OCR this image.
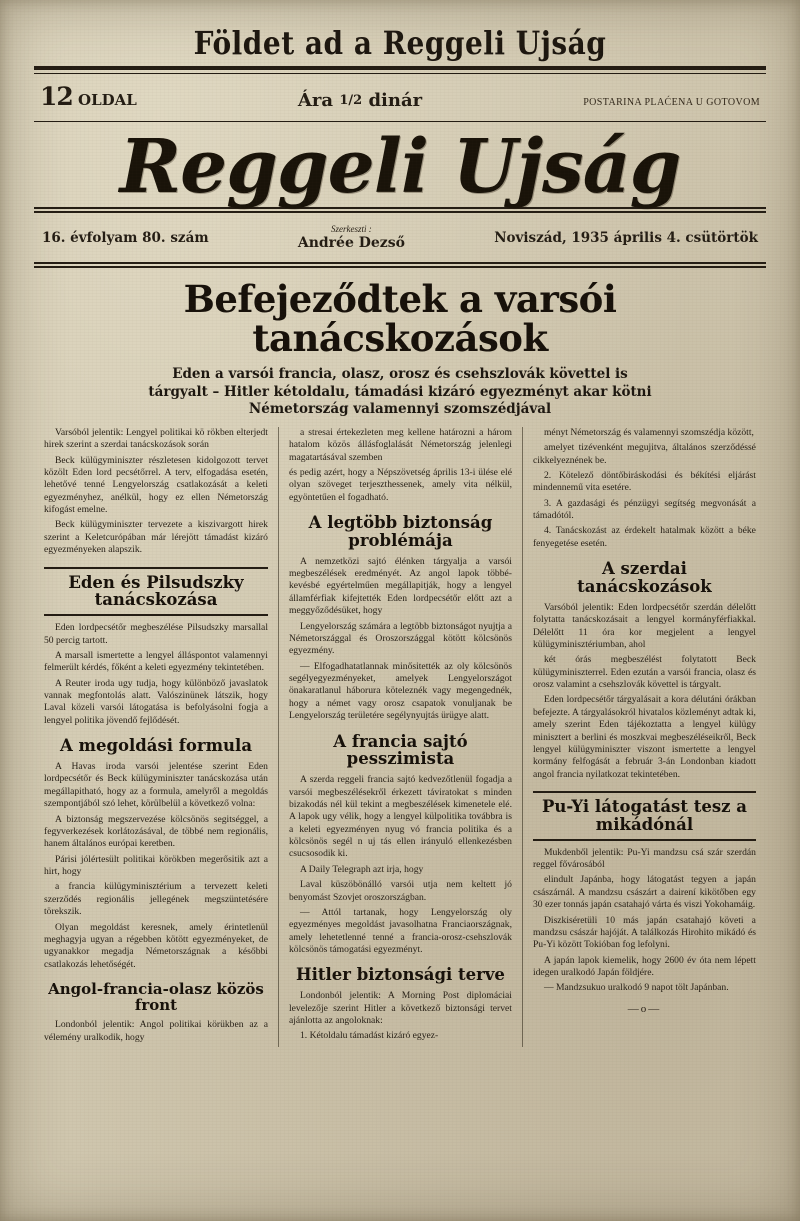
Földet ad a Reggeli Ujság
12 OLDAL	Ára 1/2 dinár	POSTARINA PLAĆENA U GOTOVOM
Reggeli Ujság
16. évfolyam 80. szám
Szerkeszti :
Andrée Dezső	Noviszád, 1935 április 4. csütörtök
Befejeződtek a varsói
tanácskozások
Eden a varsói francia, olasz, orosz és csehszlovák követtel is
tárgyalt – Hitler kétoldalu, támadási kizáró egyezményt akar kötni
Németország valamennyi szomszédjával

Varsóból jelentik: Lengyel politikai kö rökben elterjedt hirek szerint a szerdai tanácskozások során

Beck külügyminiszter részletesen kidolgozott tervet közölt Eden lord pecsétőrrel. A terv, elfogadása esetén, lehetővé tenné Lengyelország csatlakozását a keleti egyezményhez, anélkül, hogy ez ellen Németország kifogást emelne.

Beck külügyminiszter tervezete a kiszivargott hirek szerint a Keletcurópában már lérejött támadást kizáró egyezményeken alapszik.

Eden és Pilsudszky tanácskozása

Eden lordpecsétőr megbeszélése Pilsudszky marsallal 50 percig tartott.

A marsall ismertette a lengyel álláspontot valamennyi felmerült kérdés, főként a keleti egyezmény tekintetében.

A Reuter iroda ugy tudja, hogy különböző javaslatok vannak megfontolás alatt. Valószinünek látszik, hogy Laval közeli varsói látogatása is befolyásolni fogja a lengyel politika jövendő fejlődését.

A megoldási formula

A Havas iroda varsói jelentése szerint Eden lordpecsétőr és Beck külügyminiszter tanácskozása után megállapitható, hogy az a formula, amelyről a megoldás szempontjából szó lehet, körülbelül a következő volna:

A biztonság megszervezése kölcsönös segitséggel, a fegyverkezések korlátozásával, de többé nem regionális, hanem általános európai keretben.

Párisi jólértesült politikai körökben megerősitik azt a hirt, hogy

a francia külügyminisztérium a tervezett keleti szerződés regionális jellegének megszüntetésére törekszik.

Olyan megoldást keresnek, amely érintetlenül meghagyja ugyan a régebben kötött egyezményeket, de ugyanakkor megadja Németországnak a későbbi csatlakozás lehetőségét.

Angol-francia-olasz közös front

Londonból jelentik: Angol politikai körükben az a vélemény uralkodik, hogy

a stresai értekezleten meg kellene határozni a három hatalom közös állásfoglalását Németország jelenlegi magatartásával szemben

és pedig azért, hogy a Népszövetség április 13-i ülése elé olyan szöveget terjeszthessenek, amely vita nélkül, egyöntetűen el fogadható.

A legtöbb biztonság problémája

A nemzetközi sajtó élénken tárgyalja a varsói megbeszélések eredményét. Az angol lapok többé-kevésbé egyértelműen megállapitják, hogy a lengyel államférfiak kifejtették Eden lordpecsétőr előtt azt a meggyőződésüket, hogy

Lengyelország számára a legtöbb biztonságot nyujtja a Németországgal és Oroszországgal kötött kölcsönös egyezmény.

— Elfogadhatatlannak minősitették az oly kölcsönös segélyegyezményeket, amelyek Lengyelországot önakaratlanul háborura köteleznék vagy megengednék, hogy a német vagy orosz csapatok vonuljanak be Lengyelország területére segélynyujtás ürügye alatt.

A francia sajtó pesszimista

A szerda reggeli francia sajtó kedvezőtlenül fogadja a varsói megbeszélésekről érkezett táviratokat s minden bizakodás nél kül tekint a megbeszélések kimenetele elé. A lapok ugy vélik, hogy a lengyel külpolitika továbbra is a keleti egyezményen nyug vó francia politika és a kölcsönös segél n uj tás ellen irányuló ellenkezésben csucsosodik ki.

A Daily Telegraph azt irja, hogy

Laval küszöbönálló varsói utja nem keltett jó benyomást Szovjet oroszországban.

— Attól tartanak, hogy Lengyelország oly egyezményes megoldást javasolhatna Franciaországnak, amely lehetetlenné tenné a francia-orosz-csehszlovák kölcsönös támogatási egyezményt.

Hitler biztonsági terve

Londonból jelentik: A Morning Post diplomáciai levelezője szerint Hitler a következő biztonsági tervet ajánlotta az angoloknak:

1. Kétoldalu támadást kizáró egyez-

ményt Németország és valamennyi szomszédja között,

amelyet tizévenként megujitva, általános szerződéssé cikkelyeznének be.

2. Kötelező döntőbiráskodási és békítési eljárást mindennemű vita esetére.

3. A gazdasági és pénzügyi segítség megvonását a támadótól.

4. Tanácskozást az érdekelt hatalmak között a béke fenyegetése esetén.

A szerdai tanácskozások

Varsóból jelentik: Eden lordpecsétőr szerdán délelőtt folytatta tanácskozásait a lengyel kormányférfiakkal. Délelőtt 11 óra kor megjelent a lengyel külügyminisztériumban, ahol

két órás megbeszélést folytatott Beck külügyminiszterrel. Eden ezután a varsói francia, olasz és orosz valamint a csehszlovák követtel is tárgyalt.

Eden lordpecsétőr tárgyalásait a kora délutáni órákban befejezte. A tárgyalásokról hivatalos közleményt adtak ki, amely szerint Eden tájékoztatta a lengyel külügy minisztert a berlini és moszkvai megbeszéléseikről, Beck lengyel külügyminiszter viszont ismertette a lengyel kormány felfogását a február 3-án Londonban kiadott angol francia nyilatkozat tekintetében.

Pu-Yi látogatást tesz a mikádónál

Mukdenből jelentik: Pu-Yi mandzsu csá szár szerdán reggel fővárosából

elindult Japánba, hogy látogatást tegyen a japán császárnál. A mandzsu császárt a dairení kikötőben egy 30 ezer tonnás japán csatahajó várta és viszi Yokohamáig.

Diszkiséretüli 10 más japán csatahajó követi a mandzsu császár hajóját. A találkozás Hirohito mikádó és Pu-Yi között Tokióban fog lefolyni.

A japán lapok kiemelik, hogy 2600 év óta nem lépett idegen uralkodó Japán földjére.

— Mandzsukuo uralkodó 9 napot tölt Japánban.

—o—
